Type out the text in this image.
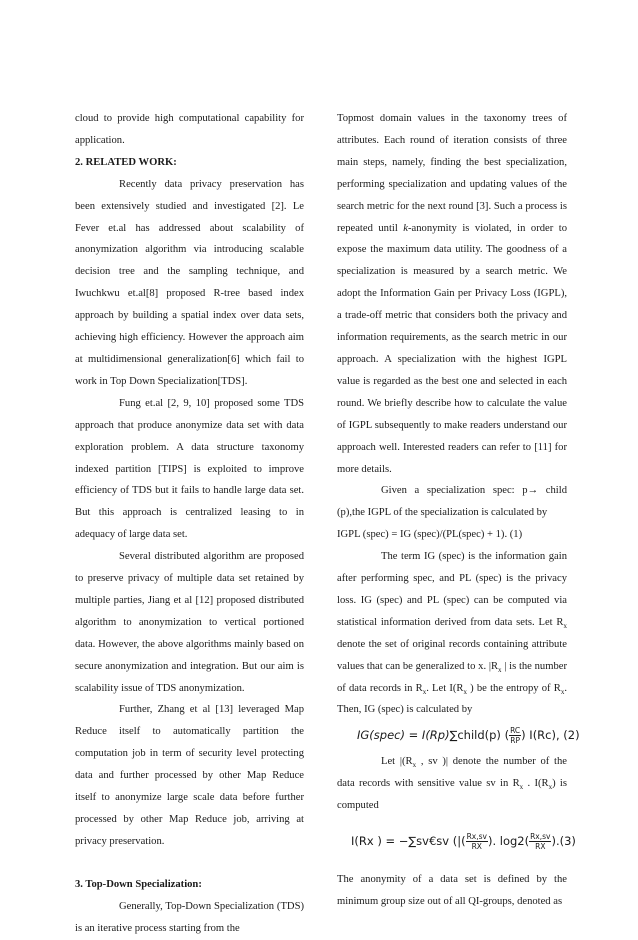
cloud to provide high computational capability for application.

2. RELATED WORK:

Recently data privacy preservation has been extensively studied and investigated [2]. Le Fever et.al has addressed about scalability of anonymization algorithm via introducing scalable decision tree and the sampling technique, and Iwuchkwu et.al[8] proposed R-tree based index approach by building a spatial index over data sets, achieving high efficiency. However the approach aim at multidimensional generalization[6] which fail to work in Top Down Specialization[TDS].

Fung et.al [2, 9, 10] proposed some TDS approach that produce anonymize data set with data exploration problem. A data structure taxonomy indexed partition [TIPS] is exploited to improve efficiency of TDS but it fails to handle large data set. But this approach is centralized leasing to in adequacy of large data set.

Several distributed algorithm are proposed to preserve privacy of multiple data set retained by multiple parties, Jiang et al [12] proposed distributed algorithm to anonymization to vertical portioned data. However, the above algorithms mainly based on secure anonymization and integration. But our aim is scalability issue of TDS anonymization.

Further, Zhang et al [13] leveraged Map Reduce itself to automatically partition the computation job in term of security level protecting data and further processed by other Map Reduce itself to anonymize large scale data before further processed by other Map Reduce job, arriving at privacy preservation.

3. Top-Down Specialization:

Generally, Top-Down Specialization (TDS) is an iterative process starting from the

Topmost domain values in the taxonomy trees of attributes. Each round of iteration consists of three main steps, namely, finding the best specialization, performing specialization and updating values of the search metric for the next round [3]. Such a process is repeated until k-anonymity is violated, in order to expose the maximum data utility. The goodness of a specialization is measured by a search metric. We adopt the Information Gain per Privacy Loss (IGPL), a trade-off metric that considers both the privacy and information requirements, as the search metric in our approach. A specialization with the highest IGPL value is regarded as the best one and selected in each round. We briefly describe how to calculate the value of IGPL subsequently to make readers understand our approach well. Interested readers can refer to [11] for more details.

Given a specialization spec: p→ child (p),the IGPL of the specialization is calculated by

IGPL (spec) = IG (spec)/(PL(spec) + 1). (1)

The term IG (spec) is the information gain after performing spec, and PL (spec) is the privacy loss. IG (spec) and PL (spec) can be computed via statistical information derived from data sets. Let $R_x$ denote the set of original records containing attribute values that can be generalized to x. $|R_x$ | is the number of data records in $R_x$. Let $I(R_x$ ) be the entropy of $R_x$. Then, IG (spec) is calculated by

IG(spec) = I(Rp)∑child(p) ( $\frac{RC}{RP}$ ) I(Rc), (2)

Let $|(R_x$ , sv )| denote the number of the data records with sensitive value sv in $R_x$ . $I(R_x)$ is computed

I(Rx ) = −∑sv€sv (|( $\frac{Rx,sv}{RX}$ ). $\log 2( \frac{Rx,sv}{RX} ).(3)$

The anonymity of a data set is defined by the minimum group size out of all QI-groups, denoted as
